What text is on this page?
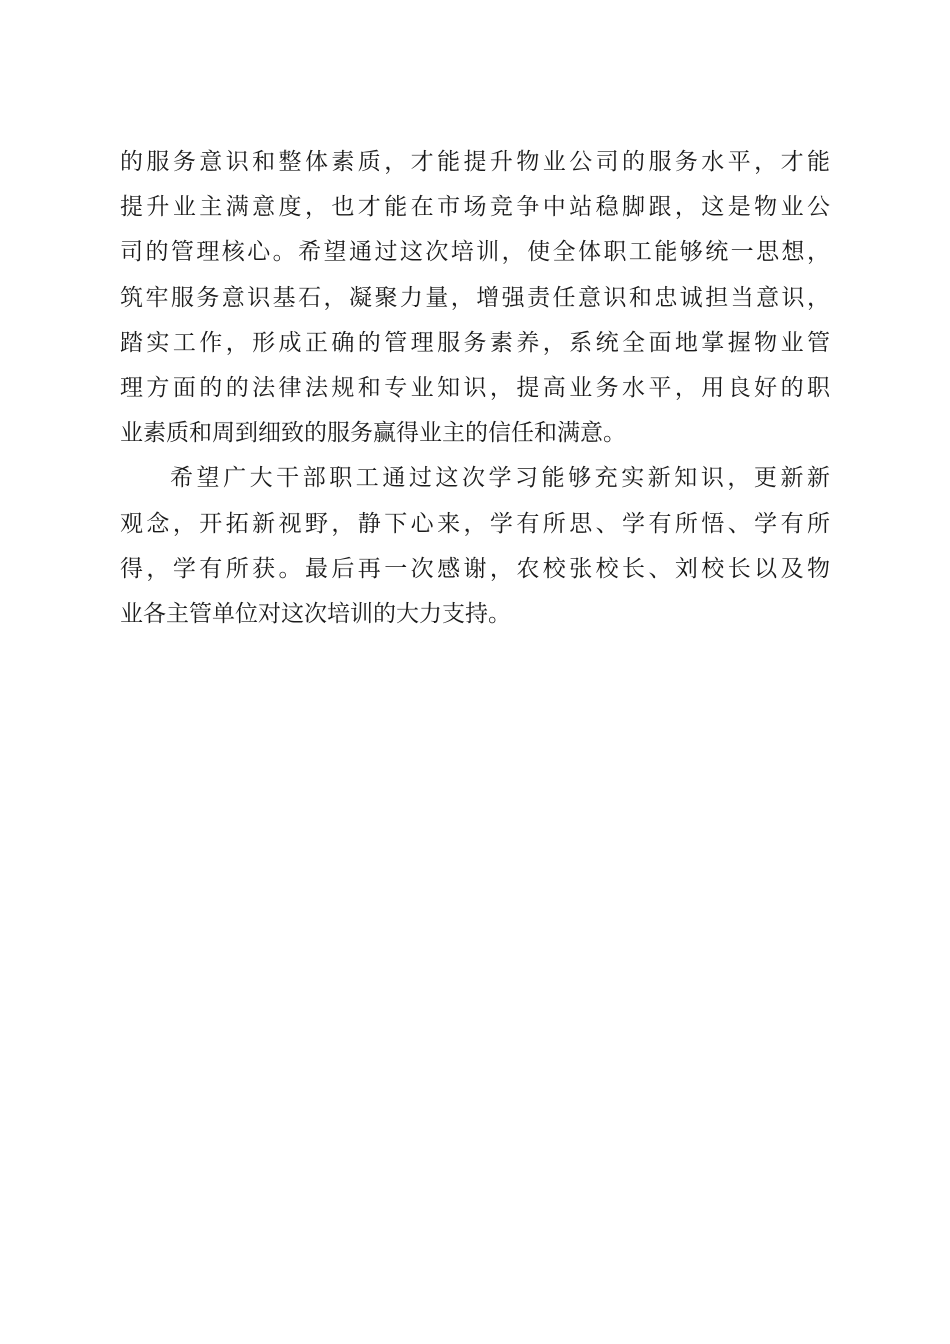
的服务意识和整体素质，才能提升物业公司的服务水平，才能
提升业主满意度，也才能在市场竞争中站稳脚跟，这是物业公
司的管理核心。希望通过这次培训，使全体职工能够统一思想，
筑牢服务意识基石，凝聚力量，增强责任意识和忠诚担当意识，
踏实工作，形成正确的管理服务素养，系统全面地掌握物业管
理方面的的法律法规和专业知识，提高业务水平，用良好的职
业素质和周到细致的服务赢得业主的信任和满意。
希望广大干部职工通过这次学习能够充实新知识，更新新
观念，开拓新视野，静下心来，学有所思、学有所悟、学有所
得，学有所获。最后再一次感谢，农校张校长、刘校长以及物
业各主管单位对这次培训的大力支持。
